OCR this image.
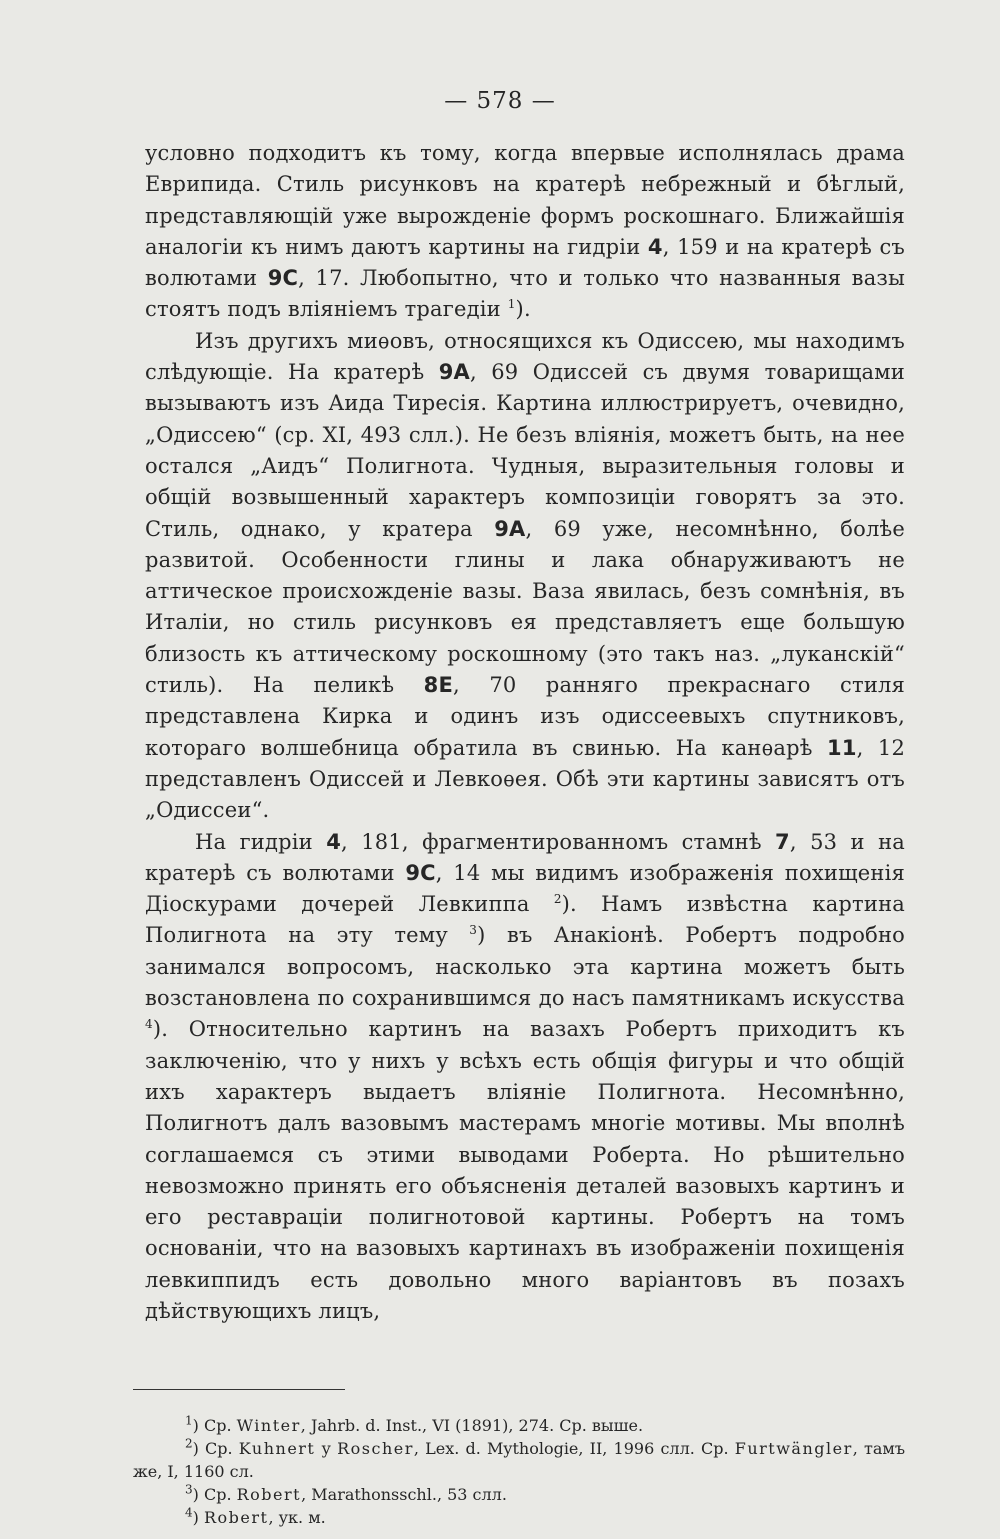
— 578 —

условно подходитъ къ тому, когда впервые исполнялась драма Еврипида. Стиль рисунковъ на кратерѣ небрежный и бѣглый, представляющій уже вырожденіе формъ роскошнаго. Ближайшія аналогіи къ нимъ даютъ картины на гидріи 4, 159 и на кратерѣ съ волютами 9C, 17. Любопытно, что и только что названныя вазы стоятъ подъ вліяніемъ трагедіи $^1$).

Изъ другихъ миѳовъ, относящихся къ Одиссею, мы находимъ слѣдующіе. На кратерѣ 9A, 69 Одиссей съ двумя товарищами вызываютъ изъ Аида Тиресія. Картина иллюстрируетъ, очевидно, „Одиссею“ (ср. XI, 493 слл.). Не безъ вліянія, можетъ быть, на нее остался „Аидъ“ Полигнота. Чудныя, выразительныя головы и общій возвышенный характеръ композиціи говорятъ за это. Стиль, однако, у кратера 9A, 69 уже, несомнѣнно, болѣе развитой. Особенности глины и лака обнаруживаютъ не аттическое происхожденіе вазы. Ваза явилась, безъ сомнѣнія, въ Италіи, но стиль рисунковъ ея представляетъ еще большую близость къ аттическому роскошному (это такъ наз. „луканскій“ стиль). На пеликѣ 8E, 70 ранняго прекраснаго стиля представлена Кирка и одинъ изъ одиссеевыхъ спутниковъ, котораго волшебница обратила въ свинью. На канѳарѣ 11, 12 представленъ Одиссей и Левкоѳея. Обѣ эти картины зависятъ отъ „Одиссеи“.

На гидріи 4, 181, фрагментированномъ стамнѣ 7, 53 и на кратерѣ съ волютами 9C, 14 мы видимъ изображенія похищенія Діоскурами дочерей Левкиппа $^2$). Намъ извѣстна картина Полигнота на эту тему $^3$) въ Анакіонѣ. Робертъ подробно занимался вопросомъ, насколько эта картина можетъ быть возстановлена по сохранившимся до насъ памятникамъ искусства $^4$). Относительно картинъ на вазахъ Робертъ приходитъ къ заключенію, что у нихъ у всѣхъ есть общія фигуры и что общій ихъ характеръ выдаетъ вліяніе Полигнота. Несомнѣнно, Полигнотъ далъ вазовымъ мастерамъ многіе мотивы. Мы вполнѣ соглашаемся съ этими выводами Роберта. Но рѣшительно невозможно принять его объясненія деталей вазовыхъ картинъ и его реставраціи полигнотовой картины. Робертъ на томъ основаніи, что на вазовыхъ картинахъ въ изображеніи похищенія левкиппидъ есть довольно много варіантовъ въ позахъ дѣйствующихъ лицъ,

$^1$) Ср. Winter, Jahrb. d. Inst., VI (1891), 274. Ср. выше.

$^2$) Ср. Kuhnert у Roscher, Lex. d. Mythologie, II, 1996 слл. Ср. Furtwängler, тамъ же, I, 1160 сл.

$^3$) Ср. Robert, Marathonsschl., 53 слл.

$^4$) Robert, ук. м.
